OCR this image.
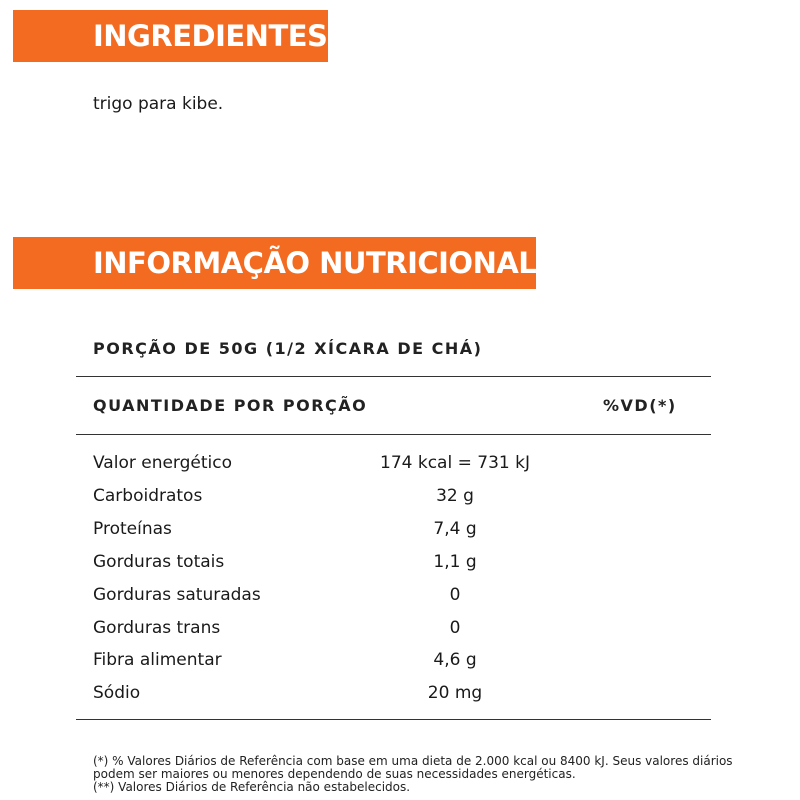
INGREDIENTES
trigo para kibe.
INFORMAÇÃO NUTRICIONAL
PORÇÃO DE 50G (1/2 XÍCARA DE CHÁ)
QUANTIDADE POR PORÇÃO	%VD(*)
Valor energético	174 kcal = 731 kJ
Carboidratos	32 g
Proteínas	7,4 g
Gorduras totais	1,1 g
Gorduras saturadas	0
Gorduras trans	0
Fibra alimentar	4,6 g
Sódio	20 mg
(*) % Valores Diários de Referência com base em uma dieta de 2.000 kcal ou 8400 kJ. Seus valores diários podem ser maiores ou menores dependendo de suas necessidades energéticas.
(**) Valores Diários de Referência não estabelecidos.
